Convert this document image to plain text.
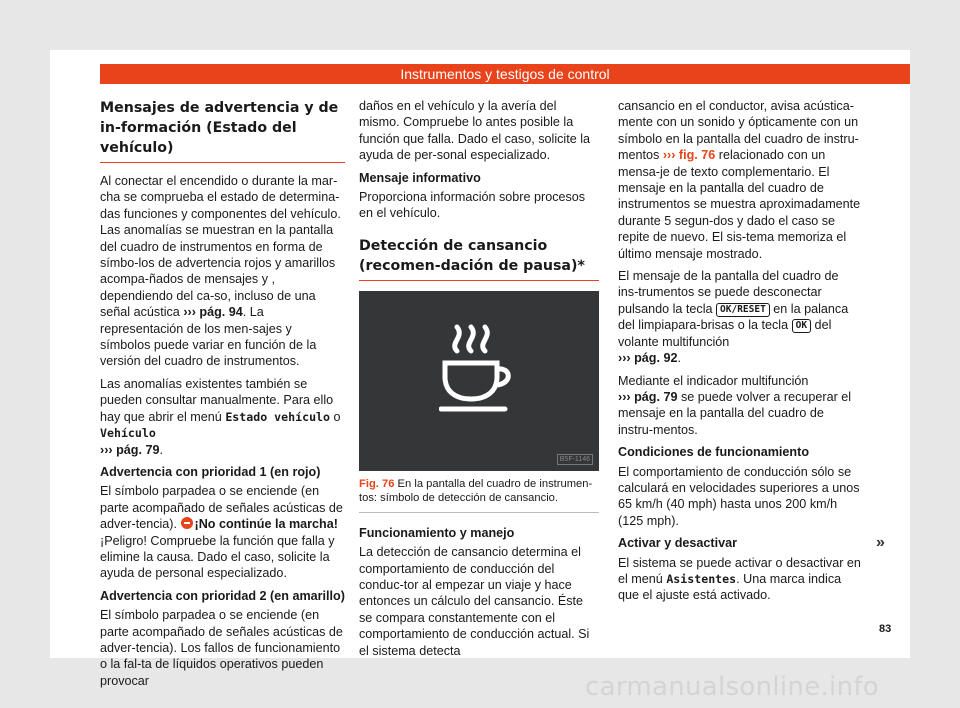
Instrumentos y testigos de control
Mensajes de advertencia y de in-formación (Estado del vehículo)

Al conectar el encendido o durante la mar-cha se comprueba el estado de determina-das funciones y componentes del vehículo. Las anomalías se muestran en la pantalla del cuadro de instrumentos en forma de símbo-los de advertencia rojos y amarillos acompa-ñados de mensajes y , dependiendo del ca-so, incluso de una señal acústica ››› pág. 94. La representación de los men-sajes y símbolos puede variar en función de la versión del cuadro de instrumentos.

Las anomalías existentes también se pueden consultar manualmente. Para ello hay que abrir el menú Estado vehículo o Vehículo
››› pág. 79.

Advertencia con prioridad 1 (en rojo)

El símbolo parpadea o se enciende (en parte acompañado de señales acústicas de adver-tencia). ¡No continúe la marcha! ¡Peligro! Compruebe la función que falla y elimine la causa. Dado el caso, solicite la ayuda de personal especializado.

Advertencia con prioridad 2 (en amarillo)

El símbolo parpadea o se enciende (en parte acompañado de señales acústicas de adver-tencia). Los fallos de funcionamiento o la fal-ta de líquidos operativos pueden provocar

daños en el vehículo y la avería del mismo. Compruebe lo antes posible la función que falla. Dado el caso, solicite la ayuda de per-sonal especializado.

Mensaje informativo

Proporciona información sobre procesos en el vehículo.

Detección de cansancio (recomen-dación de pausa)*
B5F-1146
Fig. 76 En la pantalla del cuadro de instrumen-tos: símbolo de detección de cansancio.
Funcionamiento y manejo

La detección de cansancio determina el comportamiento de conducción del conduc-tor al empezar un viaje y hace entonces un cálculo del cansancio. Éste se compara constantemente con el comportamiento de conducción actual. Si el sistema detecta

cansancio en el conductor, avisa acústica-mente con un sonido y ópticamente con un símbolo en la pantalla del cuadro de instru-mentos ››› fig. 76 relacionado con un mensa-je de texto complementario. El mensaje en la pantalla del cuadro de instrumentos se muestra aproximadamente durante 5 segun-dos y dado el caso se repite de nuevo. El sis-tema memoriza el último mensaje mostrado.

El mensaje de la pantalla del cuadro de ins-trumentos se puede desconectar pulsando la tecla OK/RESET en la palanca del limpiapara-brisas o la tecla OK del volante multifunción
››› pág. 92.

Mediante el indicador multifunción
››› pág. 79 se puede volver a recuperar el mensaje en la pantalla del cuadro de instru-mentos.

Condiciones de funcionamiento

El comportamiento de conducción sólo se calculará en velocidades superiores a unos 65 km/h (40 mph) hasta unos 200 km/h (125 mph).

Activar y desactivar

El sistema se puede activar o desactivar en el menú Asistentes. Una marca indica que el ajuste está activado.

»
83
carmanualsonline.info
